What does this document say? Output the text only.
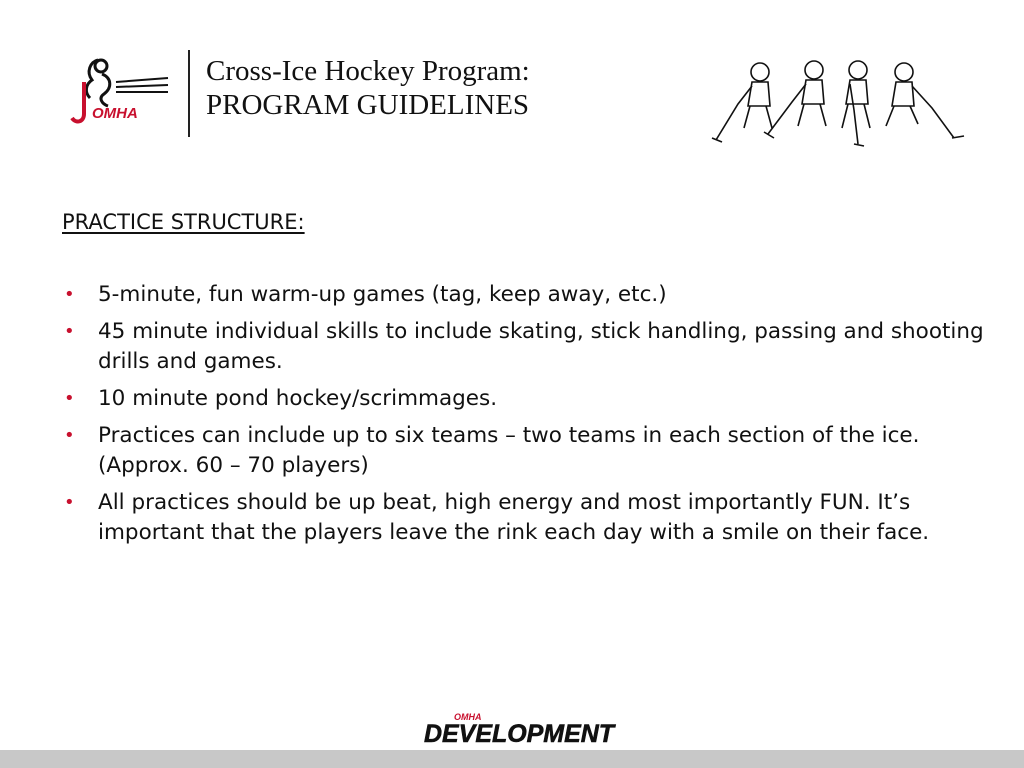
OMHA
Cross-Ice Hockey Program:
PROGRAM GUIDELINES
PRACTICE STRUCTURE:
• 5-minute, fun warm-up games (tag, keep away, etc.)
• 45 minute individual skills to include skating, stick handling, passing and shooting drills and games.
• 10 minute pond hockey/scrimmages.
• Practices can include up to six teams – two teams in each section of the ice. (Approx. 60 – 70 players)
• All practices should be up beat, high energy and most importantly FUN. It’s important that the players leave the rink each day with a smile on their face.
OMHA
DEVELOPMENT
